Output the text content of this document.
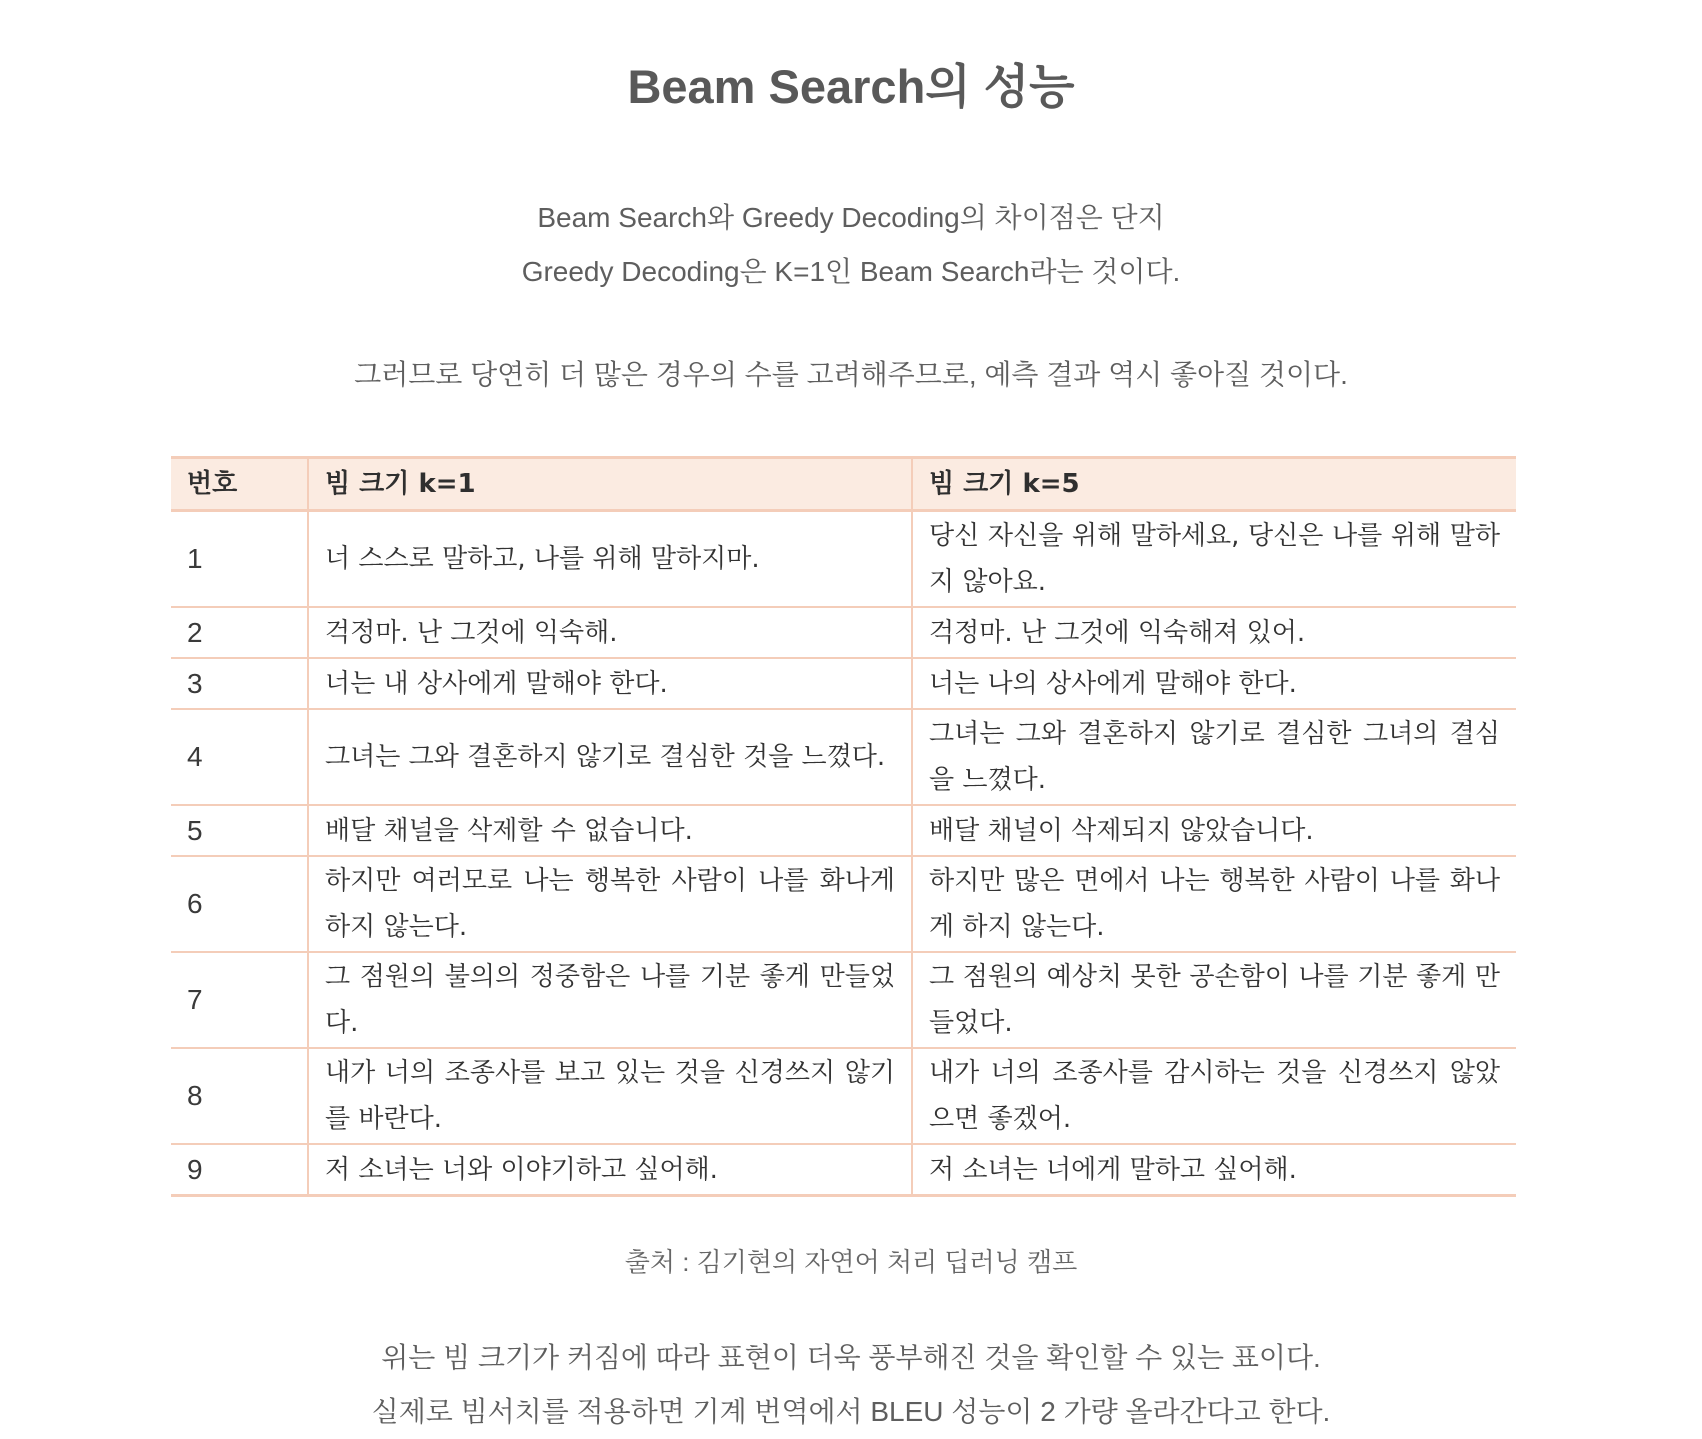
Beam Search의 성능
Beam Search와 Greedy Decoding의 차이점은 단지
Greedy Decoding은 K=1인 Beam Search라는 것이다.
그러므로 당연히 더 많은 경우의 수를 고려해주므로, 예측 결과 역시 좋아질 것이다.
번호	빔 크기 k=1	빔 크기 k=5
1	너 스스로 말하고, 나를 위해 말하지마.	당신 자신을 위해 말하세요, 당신은 나를 위해 말하지 않아요.
2	걱정마. 난 그것에 익숙해.	걱정마. 난 그것에 익숙해져 있어.
3	너는 내 상사에게 말해야 한다.	너는 나의 상사에게 말해야 한다.
4	그녀는 그와 결혼하지 않기로 결심한 것을 느꼈다.	그녀는 그와 결혼하지 않기로 결심한 그녀의 결심을 느꼈다.
5	배달 채널을 삭제할 수 없습니다.	배달 채널이 삭제되지 않았습니다.
6	하지만 여러모로 나는 행복한 사람이 나를 화나게 하지 않는다.	하지만 많은 면에서 나는 행복한 사람이 나를 화나게 하지 않는다.
7	그 점원의 불의의 정중함은 나를 기분 좋게 만들었다.	그 점원의 예상치 못한 공손함이 나를 기분 좋게 만들었다.
8	내가 너의 조종사를 보고 있는 것을 신경쓰지 않기를 바란다.	내가 너의 조종사를 감시하는 것을 신경쓰지 않았으면 좋겠어.
9	저 소녀는 너와 이야기하고 싶어해.	저 소녀는 너에게 말하고 싶어해.
출처 : 김기현의 자연어 처리 딥러닝 캠프
위는 빔 크기가 커짐에 따라 표현이 더욱 풍부해진 것을 확인할 수 있는 표이다.
실제로 빔서치를 적용하면 기계 번역에서 BLEU 성능이 2 가량 올라간다고 한다.
